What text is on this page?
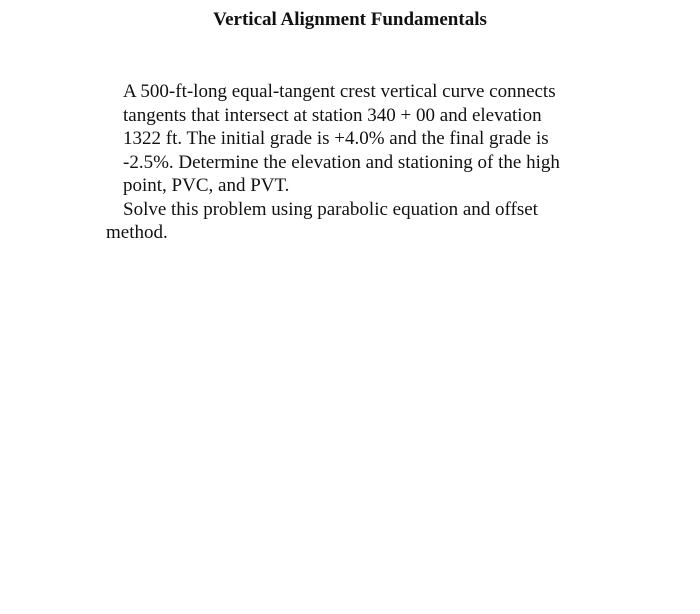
Vertical Alignment Fundamentals
A 500-ft-long equal-tangent crest vertical curve connects
tangents that intersect at station 340 + 00 and elevation
1322 ft. The initial grade is +4.0% and the final grade is
-2.5%. Determine the elevation and stationing of the high
point, PVC, and PVT.
Solve this problem using parabolic equation and offset
method.
